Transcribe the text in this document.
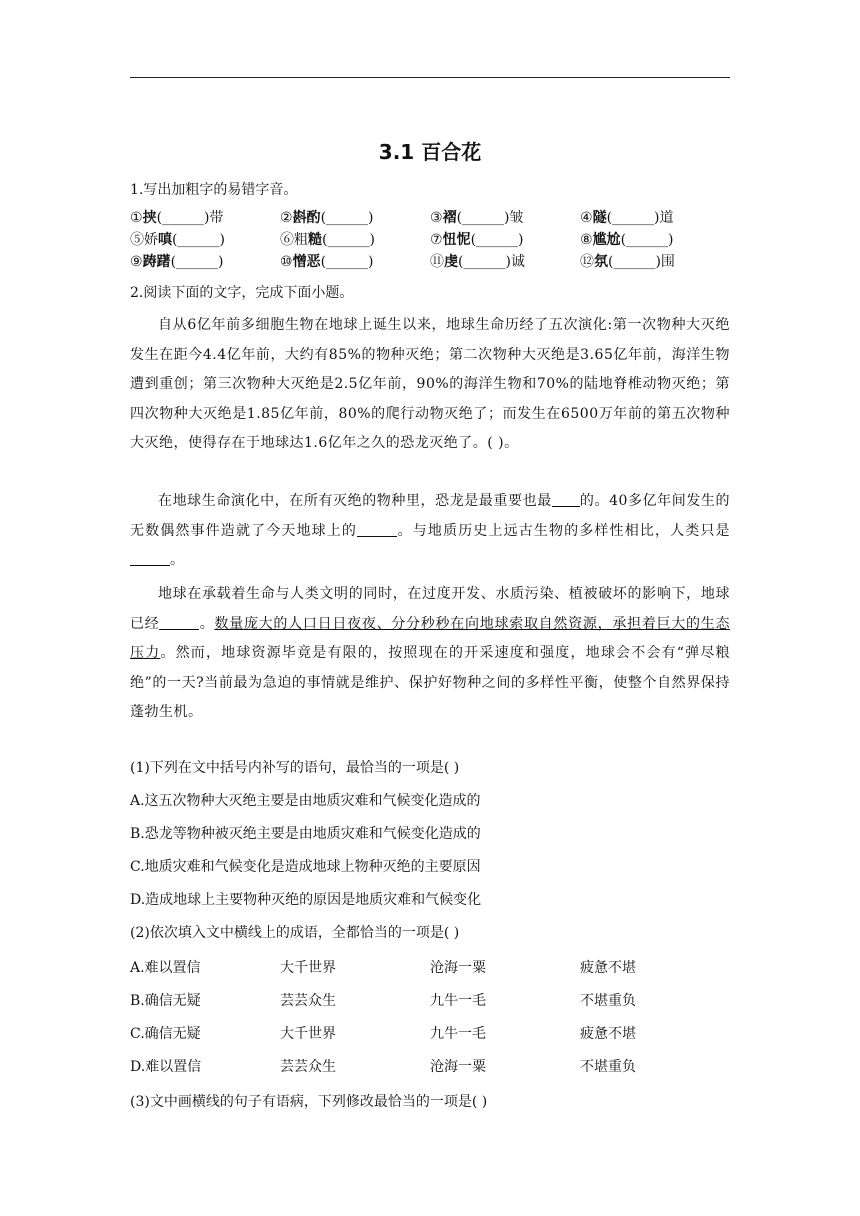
3.1 百合花
1.写出加粗字的易错字音。
①挟(______)带	②斟酌(______)	③褶(______)皱	④隧(______)道
⑤娇嗔(______)	⑥粗糙(______)	⑦忸怩(______)	⑧尴尬(______)
⑨踌躇(______)	⑩憎恶(______)	⑪虔(______)诚	⑫氛(______)围
2.阅读下面的文字，完成下面小题。
自从6亿年前多细胞生物在地球上诞生以来，地球生命历经了五次演化:第一次物种大灭绝发生在距今4.4亿年前，大约有85%的物种灭绝；第二次物种大灭绝是3.65亿年前，海洋生物遭到重创；第三次物种大灭绝是2.5亿年前，90%的海洋生物和70%的陆地脊椎动物灭绝；第四次物种大灭绝是1.85亿年前，80%的爬行动物灭绝了；而发生在6500万年前的第五次物种大灭绝，使得存在于地球达1.6亿年之久的恐龙灭绝了。( )。
在地球生命演化中，在所有灭绝的物种里，恐龙是最重要也最 的。40多亿年间发生的无数偶然事件造就了今天地球上的	。与地质历史上远古生物的多样性相比，人类只是。
地球在承载着生命与人类文明的同时，在过度开发、水质污染、植被破坏的影响下，地球已经	。数量庞大的人口日日夜夜、分分秒秒在向地球索取自然资源，承担着巨大的生态压力。然而，地球资源毕竟是有限的，按照现在的开采速度和强度，地球会不会有“弹尽粮绝”的一天?当前最为急迫的事情就是维护、保护好物种之间的多样性平衡，使整个自然界保持蓬勃生机。
(1)下列在文中括号内补写的语句，最恰当的一项是( )
A.这五次物种大灭绝主要是由地质灾难和气候变化造成的
B.恐龙等物种被灭绝主要是由地质灾难和气候变化造成的
C.地质灾难和气候变化是造成地球上物种灭绝的主要原因
D.造成地球上主要物种灭绝的原因是地质灾难和气候变化
(2)依次填入文中横线上的成语，全都恰当的一项是( )
A.难以置信	大千世界	沧海一粟	疲惫不堪
B.确信无疑	芸芸众生	九牛一毛	不堪重负
C.确信无疑	大千世界	九牛一毛	疲惫不堪
D.难以置信	芸芸众生	沧海一粟	不堪重负
(3)文中画横线的句子有语病，下列修改最恰当的一项是( )
